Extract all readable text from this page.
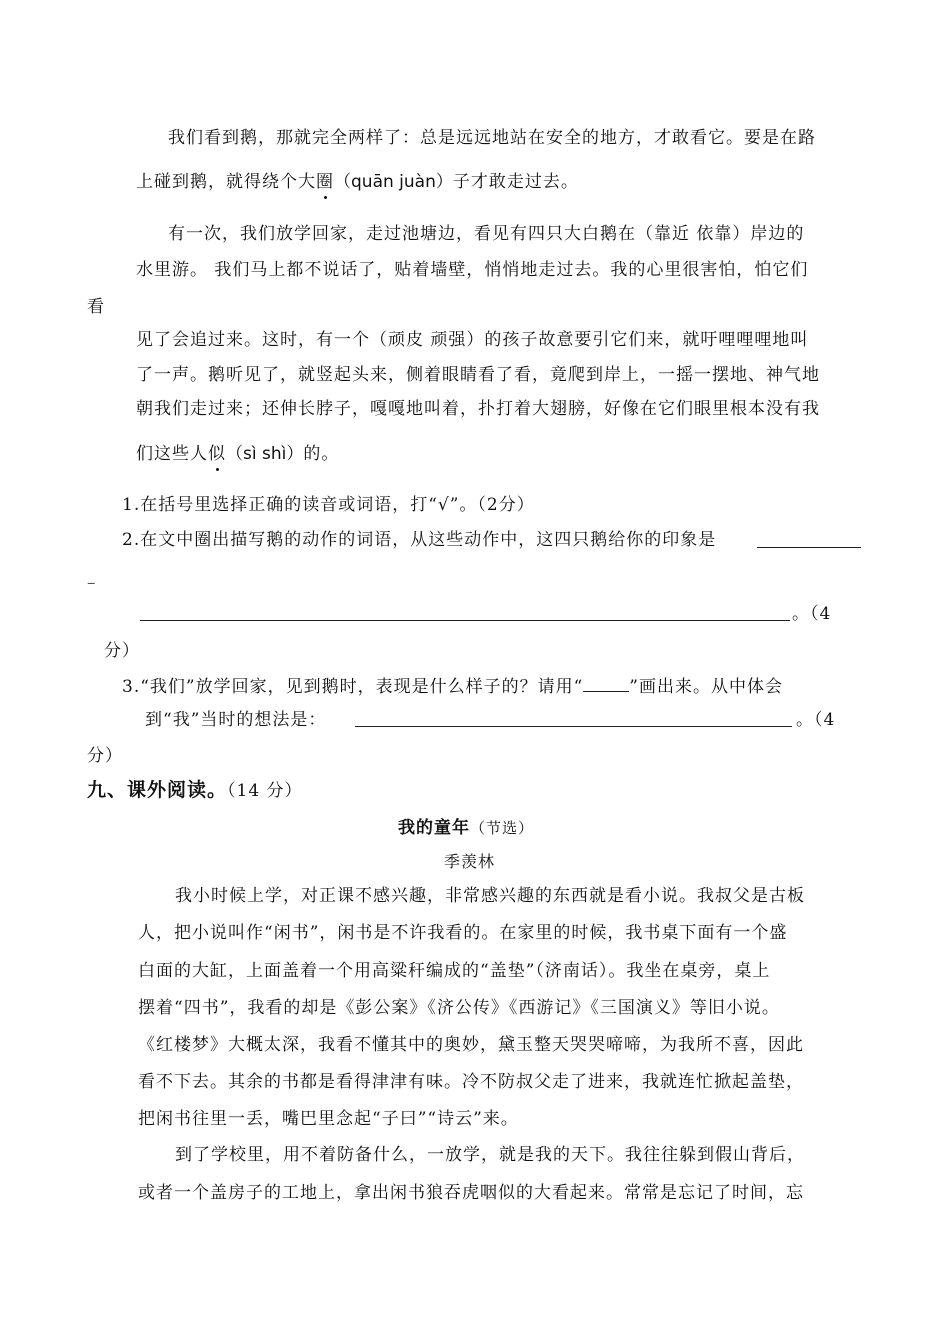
我们看到鹅，那就完全两样了：总是远远地站在安全的地方，才敢看它。要是在路
上碰到鹅，就得绕个大圈（quān juàn）子才敢走过去。
有一次，我们放学回家，走过池塘边，看见有四只大白鹅在（靠近 依靠）岸边的
水里游。 我们马上都不说话了，贴着墙壁，悄悄地走过去。我的心里很害怕，怕它们
看
见了会追过来。这时，有一个（顽皮 顽强）的孩子故意要引它们来，就吁哩哩哩地叫
了一声。鹅听见了，就竖起头来，侧着眼睛看了看，竟爬到岸上，一摇一摆地、神气地
朝我们走过来；还伸长脖子，嘎嘎地叫着，扑打着大翅膀，好像在它们眼里根本没有我
们这些人似（sì shì）的。
1.在括号里选择正确的读音或词语，打“√”。（2分）
2.在文中圈出描写鹅的动作的词语，从这些动作中，这四只鹅给你的印象是
–
。（4
分）
3.“我们”放学回家，见到鹅时，表现是什么样子的？请用“	”画出来。从中体会
到“我”当时的想法是：	。（4
分）
九、课外阅读。（14 分）
我的童年（节选）
季羡林
我小时候上学，对正课不感兴趣，非常感兴趣的东西就是看小说。我叔父是古板
人，把小说叫作“闲书”，闲书是不许我看的。在家里的时候，我书桌下面有一个盛
白面的大缸，上面盖着一个用高粱秆编成的“盖垫”（济南话）。我坐在桌旁，桌上
摆着“四书”，我看的却是《彭公案》《济公传》《西游记》《三国演义》等旧小说。
《红楼梦》大概太深，我看不懂其中的奥妙，黛玉整天哭哭啼啼，为我所不喜，因此
看不下去。其余的书都是看得津津有味。冷不防叔父走了进来，我就连忙掀起盖垫，
把闲书往里一丢，嘴巴里念起“子曰”“诗云”来。
到了学校里，用不着防备什么，一放学，就是我的天下。我往往躲到假山背后，
或者一个盖房子的工地上，拿出闲书狼吞虎咽似的大看起来。常常是忘记了时间，忘
